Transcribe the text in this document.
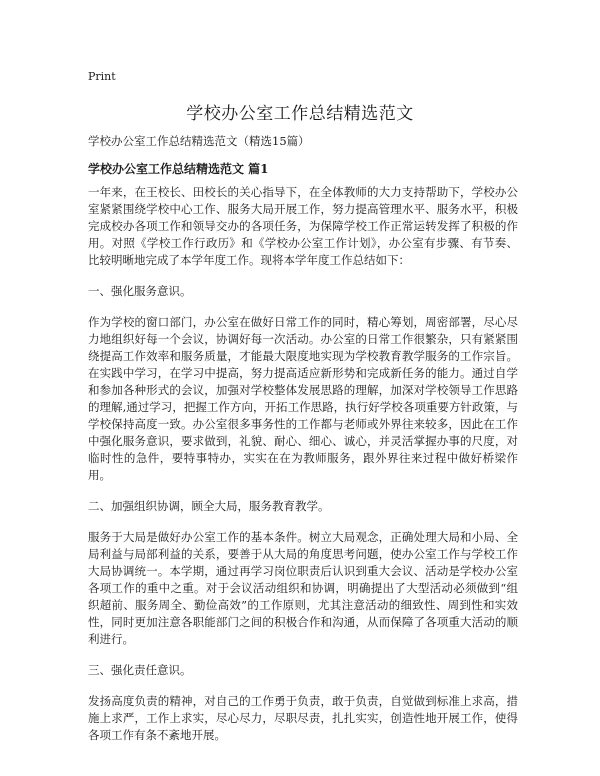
Print
学校办公室工作总结精选范文
学校办公室工作总结精选范文（精选15篇）
学校办公室工作总结精选范文 篇1

一年来，在王校长、田校长的关心指导下，在全体教师的大力支持帮助下，学校办公室紧紧围绕学校中心工作、服务大局开展工作，努力提高管理水平、服务水平，积极完成校办各项工作和领导交办的各项任务，为保障学校工作正常运转发挥了积极的作用。对照《学校工作行政历》和《学校办公室工作计划》，办公室有步骤、有节奏、比较明晰地完成了本学年度工作。现将本学年度工作总结如下：

一、强化服务意识。

作为学校的窗口部门，办公室在做好日常工作的同时，精心筹划，周密部署，尽心尽力地组织好每一个会议，协调好每一次活动。办公室的日常工作很繁杂，只有紧紧围绕提高工作效率和服务质量，才能最大限度地实现为学校教育教学服务的工作宗旨。在实践中学习，在学习中提高，努力提高适应新形势和完成新任务的能力。通过自学和参加各种形式的会议，加强对学校整体发展思路的理解，加深对学校领导工作思路的理解,通过学习，把握工作方向，开拓工作思路，执行好学校各项重要方针政策，与学校保持高度一致。办公室很多事务性的工作都与老师或外界往来较多，因此在工作中强化服务意识，要求做到，礼貌、耐心、细心、诚心，并灵活掌握办事的尺度，对临时性的急件，要特事特办，实实在在为教师服务，跟外界往来过程中做好桥梁作用。

二、加强组织协调，顾全大局，服务教育教学。

服务于大局是做好办公室工作的基本条件。树立大局观念，正确处理大局和小局、全局利益与局部利益的关系，要善于从大局的角度思考问题，使办公室工作与学校工作大局协调统一。本学期，通过再学习岗位职责后认识到重大会议、活动是学校办公室各项工作的重中之重。对于会议活动组织和协调，明确提出了大型活动必须做到“组织超前、服务周全、勤俭高效”的工作原则，尤其注意活动的细致性、周到性和实效性，同时更加注意各职能部门之间的积极合作和沟通，从而保障了各项重大活动的顺利进行。

三、强化责任意识。

发扬高度负责的精神，对自己的工作勇于负责，敢于负责，自觉做到标准上求高，措施上求严，工作上求实，尽心尽力，尽职尽责，扎扎实实，创造性地开展工作，使得各项工作有条不紊地开展。
